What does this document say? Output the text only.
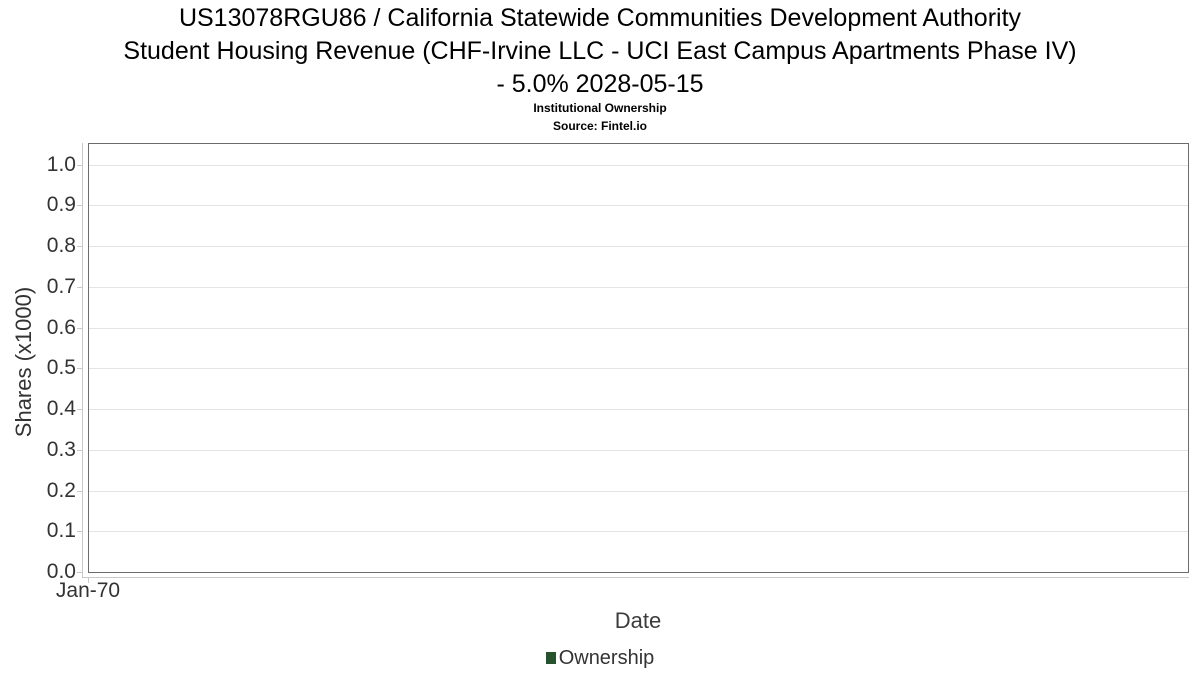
US13078RGU86 / California Statewide Communities Development Authority
Student Housing Revenue (CHF-Irvine LLC - UCI East Campus Apartments Phase IV)
- 5.0% 2028-05-15
Institutional Ownership
Source: Fintel.io
0.0
0.1
0.2
0.3
0.4
0.5
0.6
0.7
0.8
0.9
1.0
Jan-70
Shares (x1000)
Date
Ownership
